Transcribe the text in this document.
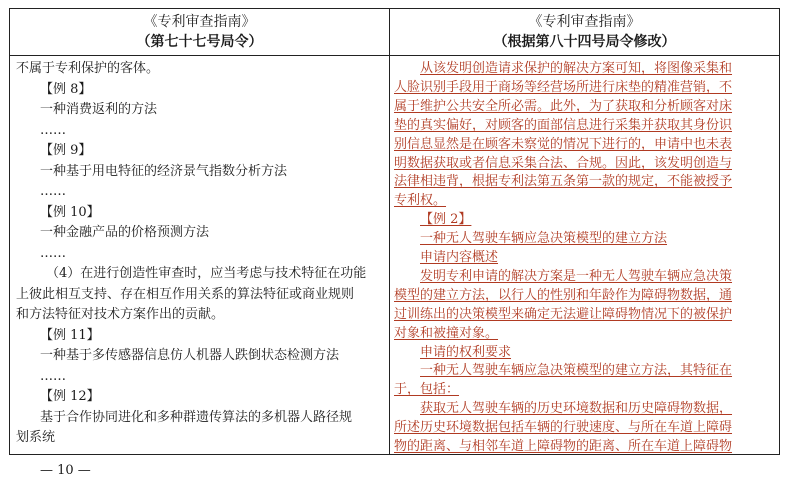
《专利审查指南》
（第七十七号局令）
不属于专利保护的客体。
【例 8】
一种消费返利的方法
……
【例 9】
一种基于用电特征的经济景气指数分析方法
……
【例 10】
一种金融产品的价格预测方法
……
（4）在进行创造性审查时，应当考虑与技术特征在功能
上彼此相互支持、存在相互作用关系的算法特征或商业规则
和方法特征对技术方案作出的贡献。
【例 11】
一种基于多传感器信息仿人机器人跌倒状态检测方法
……
【例 12】
基于合作协同进化和多种群遗传算法的多机器人路径规
划系统
《专利审查指南》
（根据第八十四号局令修改）
从该发明创造请求保护的解决方案可知，将图像采集和
人脸识别手段用于商场等经营场所进行床垫的精准营销，不
属于维护公共安全所必需。此外，为了获取和分析顾客对床
垫的真实偏好，对顾客的面部信息进行采集并获取其身份识
别信息显然是在顾客未察觉的情况下进行的，申请中也未表
明数据获取或者信息采集合法、合规。因此，该发明创造与
法律相违背，根据专利法第五条第一款的规定，不能被授予
专利权。
【例 2】
一种无人驾驶车辆应急决策模型的建立方法
申请内容概述
发明专利申请的解决方案是一种无人驾驶车辆应急决策
模型的建立方法，以行人的性别和年龄作为障碍物数据，通
过训练出的决策模型来确定无法避让障碍物情况下的被保护
对象和被撞对象。
申请的权利要求
一种无人驾驶车辆应急决策模型的建立方法，其特征在
于，包括：
获取无人驾驶车辆的历史环境数据和历史障碍物数据，
所述历史环境数据包括车辆的行驶速度、与所在车道上障碍
物的距离、与相邻车道上障碍物的距离、所在车道上障碍物
— 10 —
